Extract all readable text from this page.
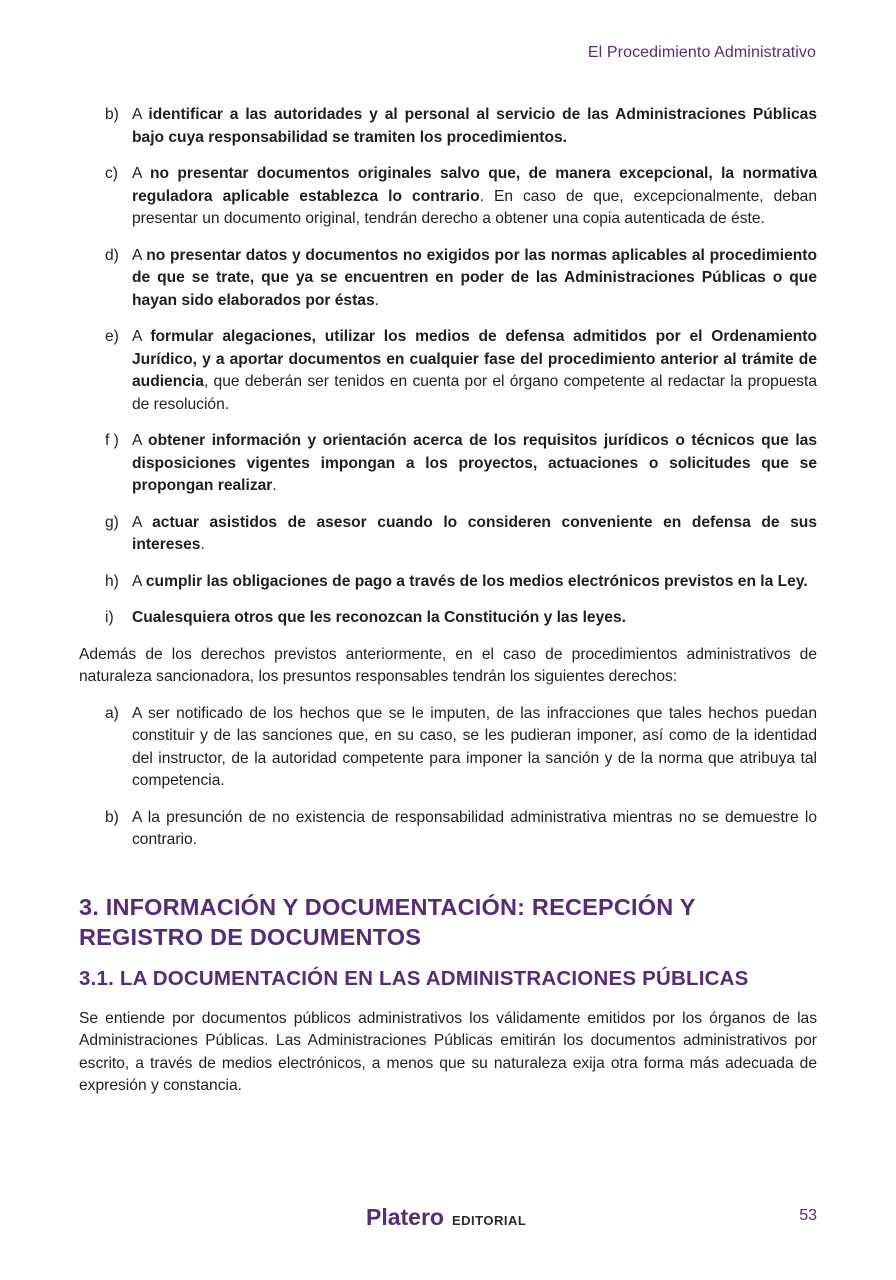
El Procedimiento Administrativo
b) A identificar a las autoridades y al personal al servicio de las Administraciones Públicas bajo cuya responsabilidad se tramiten los procedimientos.
c) A no presentar documentos originales salvo que, de manera excepcional, la normativa reguladora aplicable establezca lo contrario. En caso de que, excepcionalmente, deban presentar un documento original, tendrán derecho a obtener una copia autenticada de éste.
d) A no presentar datos y documentos no exigidos por las normas aplicables al procedimiento de que se trate, que ya se encuentren en poder de las Administraciones Públicas o que hayan sido elaborados por éstas.
e) A formular alegaciones, utilizar los medios de defensa admitidos por el Ordenamiento Jurídico, y a aportar documentos en cualquier fase del procedimiento anterior al trámite de audiencia, que deberán ser tenidos en cuenta por el órgano competente al redactar la propuesta de resolución.
f ) A obtener información y orientación acerca de los requisitos jurídicos o técnicos que las disposiciones vigentes impongan a los proyectos, actuaciones o solicitudes que se propongan realizar.
g) A actuar asistidos de asesor cuando lo consideren conveniente en defensa de sus intereses.
h) A cumplir las obligaciones de pago a través de los medios electrónicos previstos en la Ley.
i) Cualesquiera otros que les reconozcan la Constitución y las leyes.

Además de los derechos previstos anteriormente, en el caso de procedimientos administrativos de naturaleza sancionadora, los presuntos responsables tendrán los siguientes derechos:

a) A ser notificado de los hechos que se le imputen, de las infracciones que tales hechos puedan constituir y de las sanciones que, en su caso, se les pudieran imponer, así como de la identidad del instructor, de la autoridad competente para imponer la sanción y de la norma que atribuya tal competencia.
b) A la presunción de no existencia de responsabilidad administrativa mientras no se demuestre lo contrario.
3. INFORMACIÓN Y DOCUMENTACIÓN: RECEPCIÓN Y REGISTRO DE DOCUMENTOS
3.1. LA DOCUMENTACIÓN EN LAS ADMINISTRACIONES PÚBLICAS

Se entiende por documentos públicos administrativos los válidamente emitidos por los órganos de las Administraciones Públicas. Las Administraciones Públicas emitirán los documentos administrativos por escrito, a través de medios electrónicos, a menos que su naturaleza exija otra forma más adecuada de expresión y constancia.

Platero EDITORIAL	53
